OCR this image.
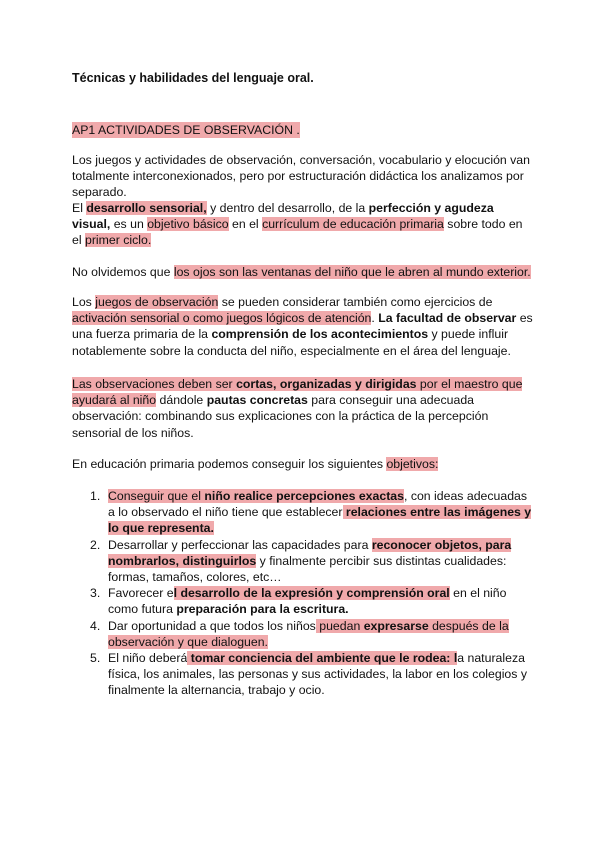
Técnicas y habilidades del lenguaje oral.
AP1 ACTIVIDADES DE OBSERVACIÓN .
Los juegos y actividades de observación, conversación, vocabulario y elocución van totalmente interconexionados, pero por estructuración didáctica los analizamos por separado.
El desarrollo sensorial, y dentro del desarrollo, de la perfección y agudeza visual, es un objetivo básico en el currículum de educación primaria sobre todo en el primer ciclo.
No olvidemos que los ojos son las ventanas del niño que le abren al mundo exterior.
Los juegos de observación se pueden considerar también como ejercicios de activación sensorial o como juegos lógicos de atención. La facultad de observar es una fuerza primaria de la comprensión de los acontecimientos y puede influir notablemente sobre la conducta del niño, especialmente en el área del lenguaje.
Las observaciones deben ser cortas, organizadas y dirigidas por el maestro que ayudará al niño dándole pautas concretas para conseguir una adecuada observación: combinando sus explicaciones con la práctica de la percepción sensorial de los niños.
En educación primaria podemos conseguir los siguientes objetivos:
1. Conseguir que el niño realice percepciones exactas, con ideas adecuadas a lo observado el niño tiene que establecer relaciones entre las imágenes y lo que representa.
2. Desarrollar y perfeccionar las capacidades para reconocer objetos, para nombrarlos, distinguirlos y finalmente percibir sus distintas cualidades: formas, tamaños, colores, etc…
3. Favorecer el desarrollo de la expresión y comprensión oral en el niño como futura preparación para la escritura.
4. Dar oportunidad a que todos los niños puedan expresarse después de la observación y que dialoguen.
5. El niño deberá tomar conciencia del ambiente que le rodea: la naturaleza física, los animales, las personas y sus actividades, la labor en los colegios y finalmente la alternancia, trabajo y ocio.
